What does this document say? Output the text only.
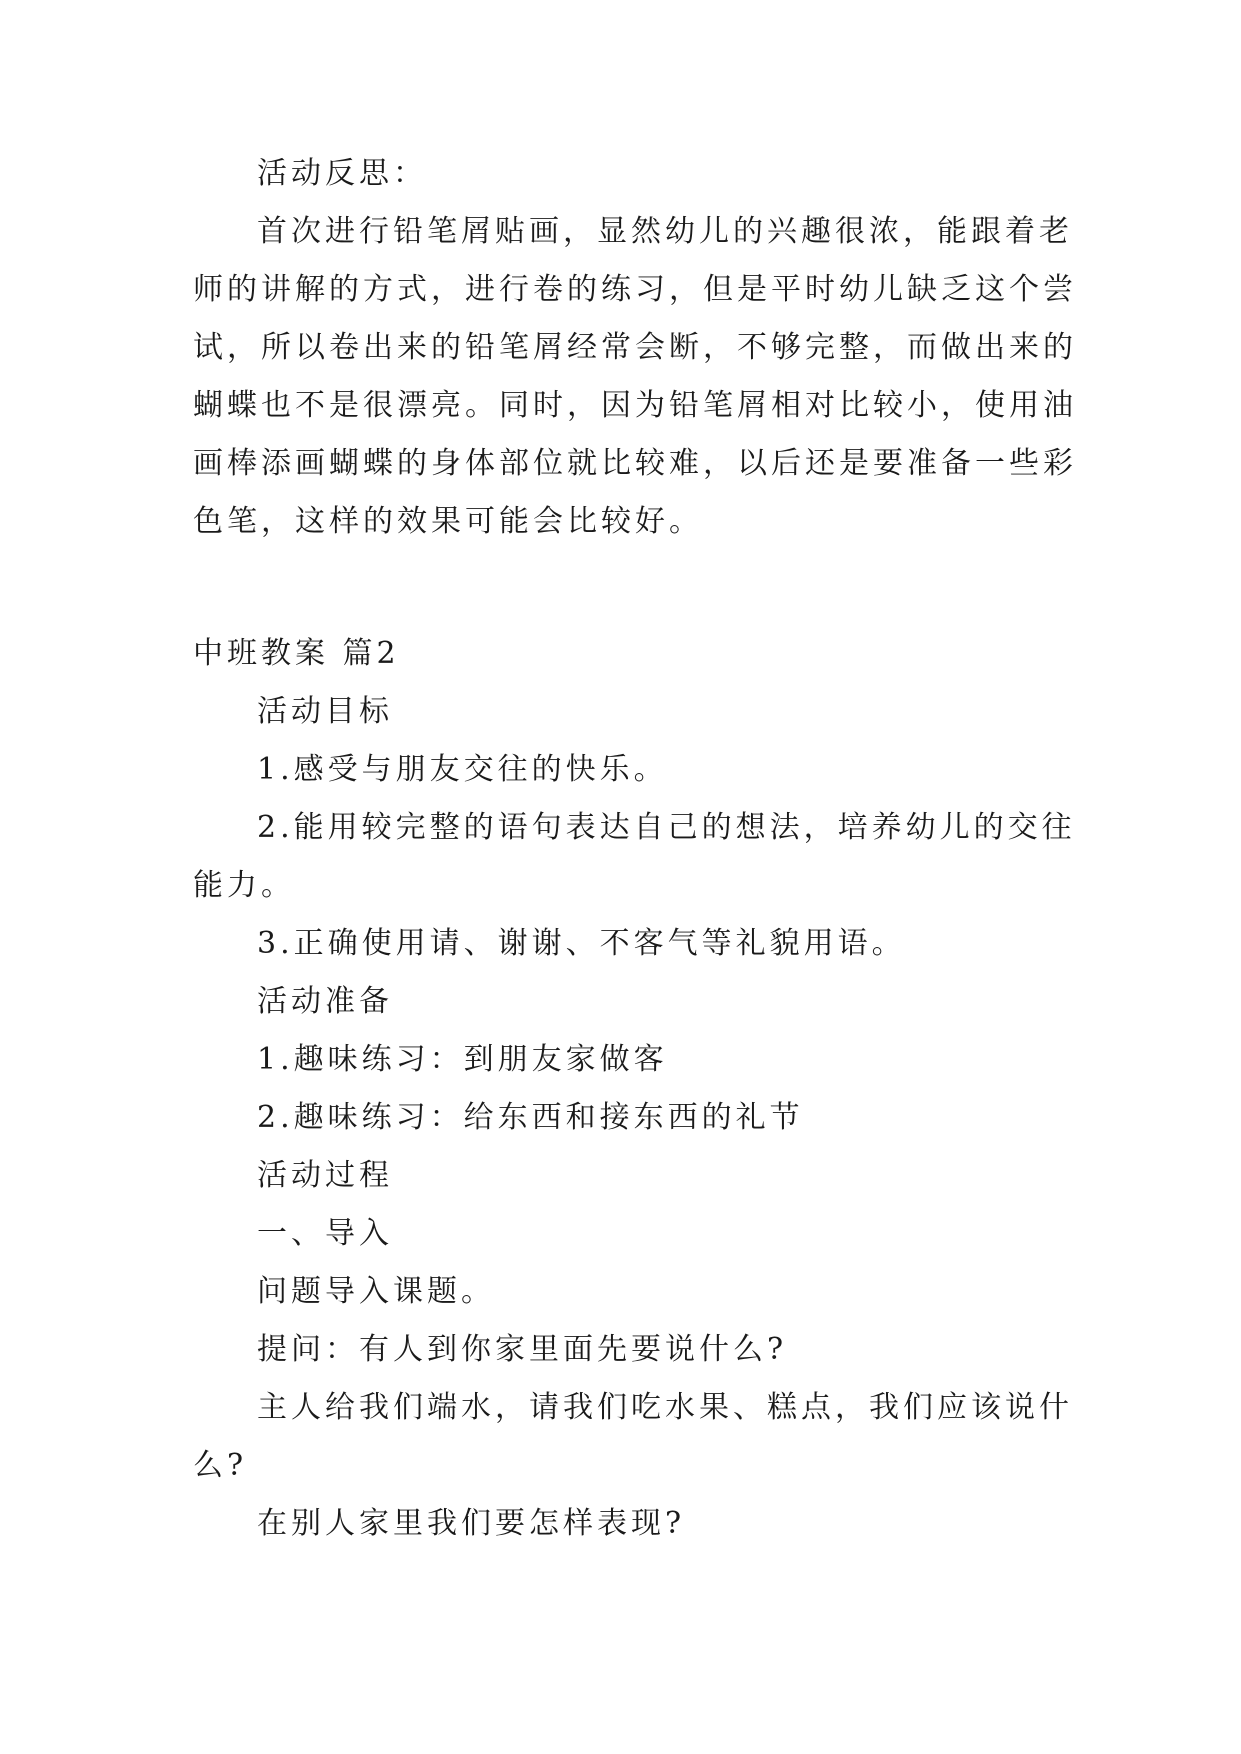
活动反思：
首次进行铅笔屑贴画，显然幼儿的兴趣很浓，能跟着老
师的讲解的方式，进行卷的练习，但是平时幼儿缺乏这个尝
试，所以卷出来的铅笔屑经常会断，不够完整，而做出来的
蝴蝶也不是很漂亮。同时，因为铅笔屑相对比较小，使用油
画棒添画蝴蝶的身体部位就比较难，以后还是要准备一些彩
色笔，这样的效果可能会比较好。
中班教案 篇2
活动目标
1.感受与朋友交往的快乐。
2.能用较完整的语句表达自己的想法，培养幼儿的交往
能力。
3.正确使用请、谢谢、不客气等礼貌用语。
活动准备
1.趣味练习：到朋友家做客
2.趣味练习：给东西和接东西的礼节
活动过程
一、导入
问题导入课题。
提问：有人到你家里面先要说什么?
主人给我们端水，请我们吃水果、糕点，我们应该说什
么?
在别人家里我们要怎样表现?
